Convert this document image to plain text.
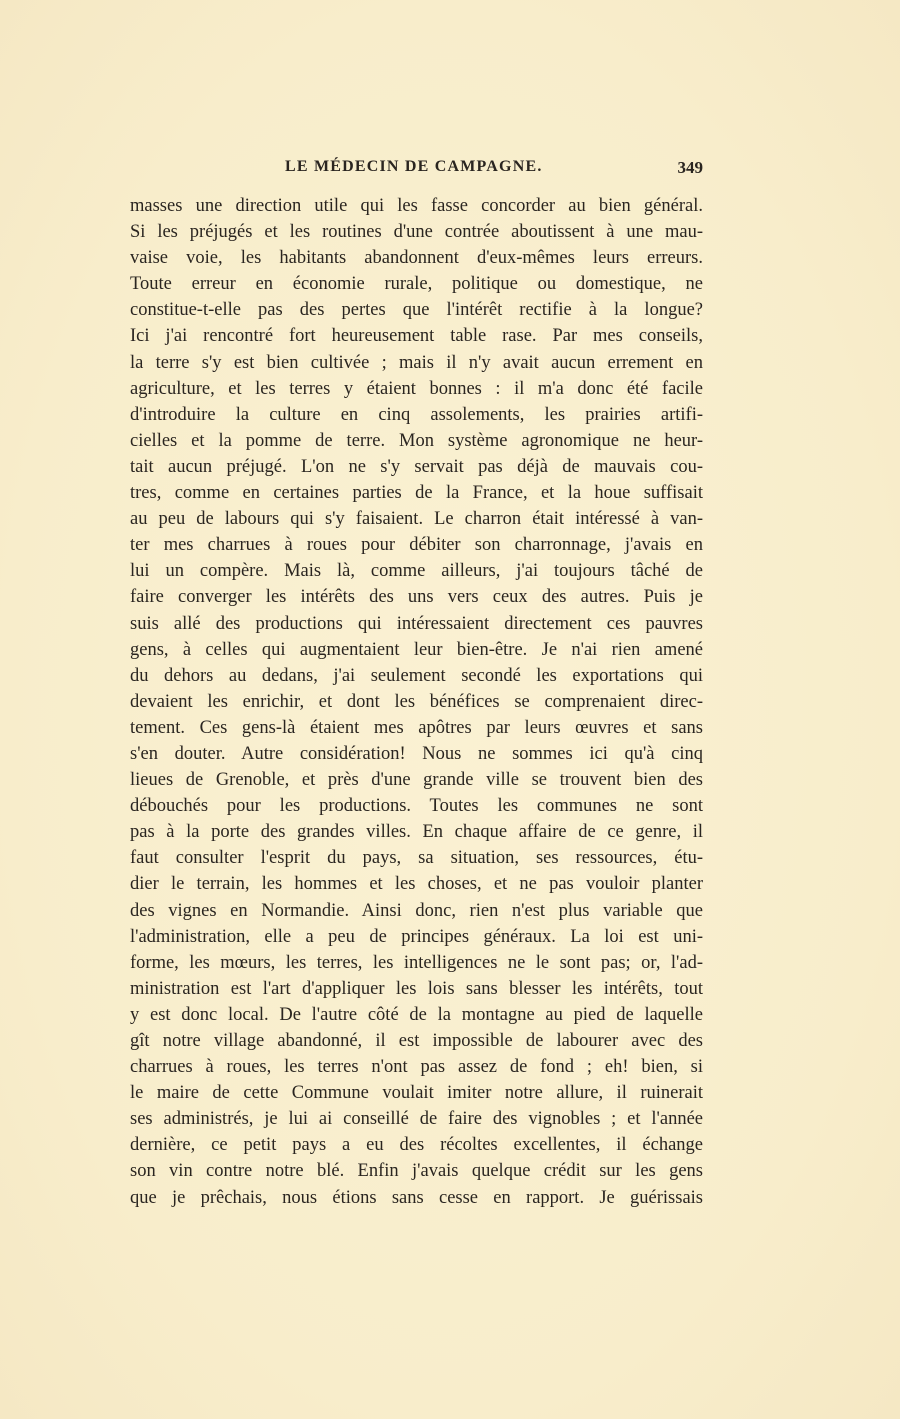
LE MÉDECIN DE CAMPAGNE.	349
masses une direction utile qui les fasse concorder au bien général.
Si les préjugés et les routines d'une contrée aboutissent à une mau-
vaise voie, les habitants abandonnent d'eux-mêmes leurs erreurs.
Toute erreur en économie rurale, politique ou domestique, ne
constitue-t-elle pas des pertes que l'intérêt rectifie à la longue?
Ici j'ai rencontré fort heureusement table rase. Par mes conseils,
la terre s'y est bien cultivée ; mais il n'y avait aucun errement en
agriculture, et les terres y étaient bonnes : il m'a donc été facile
d'introduire la culture en cinq assolements, les prairies artifi-
cielles et la pomme de terre. Mon système agronomique ne heur-
tait aucun préjugé. L'on ne s'y servait pas déjà de mauvais cou-
tres, comme en certaines parties de la France, et la houe suffisait
au peu de labours qui s'y faisaient. Le charron était intéressé à van-
ter mes charrues à roues pour débiter son charronnage, j'avais en
lui un compère. Mais là, comme ailleurs, j'ai toujours tâché de
faire converger les intérêts des uns vers ceux des autres. Puis je
suis allé des productions qui intéressaient directement ces pauvres
gens, à celles qui augmentaient leur bien-être. Je n'ai rien amené
du dehors au dedans, j'ai seulement secondé les exportations qui
devaient les enrichir, et dont les bénéfices se comprenaient direc-
tement. Ces gens-là étaient mes apôtres par leurs œuvres et sans
s'en douter. Autre considération! Nous ne sommes ici qu'à cinq
lieues de Grenoble, et près d'une grande ville se trouvent bien des
débouchés pour les productions. Toutes les communes ne sont
pas à la porte des grandes villes. En chaque affaire de ce genre, il
faut consulter l'esprit du pays, sa situation, ses ressources, étu-
dier le terrain, les hommes et les choses, et ne pas vouloir planter
des vignes en Normandie. Ainsi donc, rien n'est plus variable que
l'administration, elle a peu de principes généraux. La loi est uni-
forme, les mœurs, les terres, les intelligences ne le sont pas; or, l'ad-
ministration est l'art d'appliquer les lois sans blesser les intérêts, tout
y est donc local. De l'autre côté de la montagne au pied de laquelle
gît notre village abandonné, il est impossible de labourer avec des
charrues à roues, les terres n'ont pas assez de fond ; eh! bien, si
le maire de cette Commune voulait imiter notre allure, il ruinerait
ses administrés, je lui ai conseillé de faire des vignobles ; et l'année
dernière, ce petit pays a eu des récoltes excellentes, il échange
son vin contre notre blé. Enfin j'avais quelque crédit sur les gens
que je prêchais, nous étions sans cesse en rapport. Je guérissais
